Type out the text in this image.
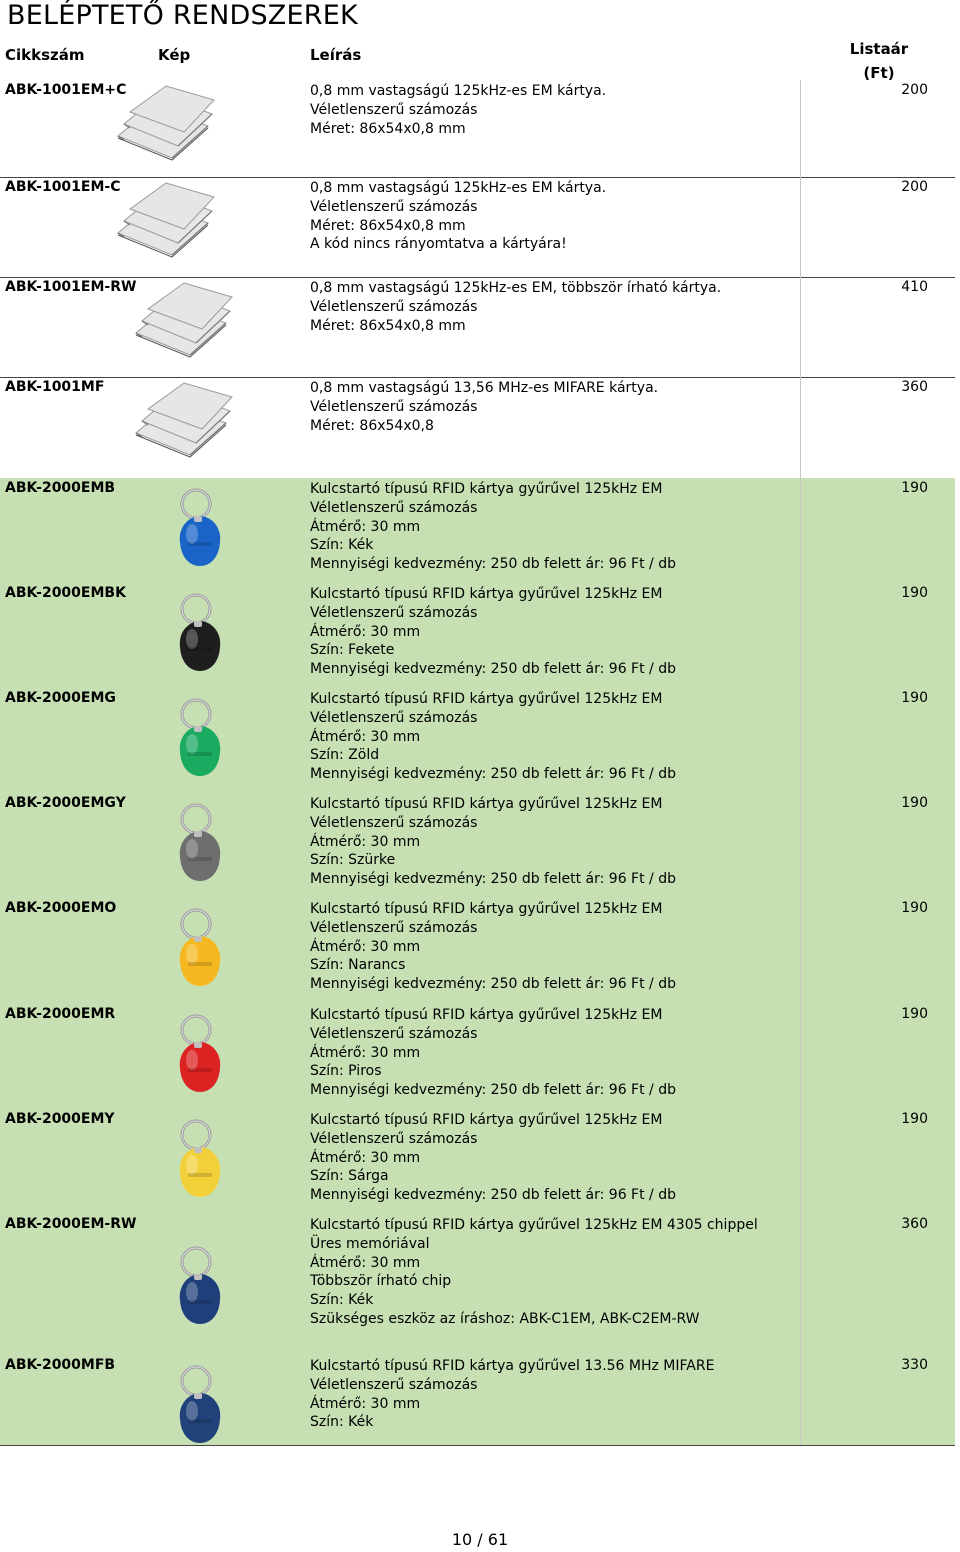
BELÉPTETŐ RENDSZEREK
Cikkszám	Kép	Leírás	Listaár
(Ft)
ABK-1001EM+C	0,8 mm vastagságú 125kHz-es EM kártya.
Véletlenszerű számozás
Méret: 86x54x0,8 mm
200
ABK-1001EM-C	0,8 mm vastagságú 125kHz-es EM kártya.
Véletlenszerű számozás
Méret: 86x54x0,8 mm
A kód nincs rányomtatva a kártyára!
200
ABK-1001EM-RW	0,8 mm vastagságú 125kHz-es EM, többször írható kártya.
Véletlenszerű számozás
Méret: 86x54x0,8 mm
410
ABK-1001MF	0,8 mm vastagságú 13,56 MHz-es MIFARE kártya.
Véletlenszerű számozás
Méret: 86x54x0,8
360
ABK-2000EMB	Kulcstartó típusú RFID kártya gyűrűvel 125kHz EM
Véletlenszerű számozás
Átmérő: 30 mm
Szín: Kék
Mennyiségi kedvezmény: 250 db felett ár: 96 Ft / db
190
ABK-2000EMBK	Kulcstartó típusú RFID kártya gyűrűvel 125kHz EM
Véletlenszerű számozás
Átmérő: 30 mm
Szín: Fekete
Mennyiségi kedvezmény: 250 db felett ár: 96 Ft / db
190
ABK-2000EMG	Kulcstartó típusú RFID kártya gyűrűvel 125kHz EM
Véletlenszerű számozás
Átmérő: 30 mm
Szín: Zöld
Mennyiségi kedvezmény: 250 db felett ár: 96 Ft / db
190
ABK-2000EMGY	Kulcstartó típusú RFID kártya gyűrűvel 125kHz EM
Véletlenszerű számozás
Átmérő: 30 mm
Szín: Szürke
Mennyiségi kedvezmény: 250 db felett ár: 96 Ft / db
190
ABK-2000EMO	Kulcstartó típusú RFID kártya gyűrűvel 125kHz EM
Véletlenszerű számozás
Átmérő: 30 mm
Szín: Narancs
Mennyiségi kedvezmény: 250 db felett ár: 96 Ft / db
190
ABK-2000EMR	Kulcstartó típusú RFID kártya gyűrűvel 125kHz EM
Véletlenszerű számozás
Átmérő: 30 mm
Szín: Piros
Mennyiségi kedvezmény: 250 db felett ár: 96 Ft / db
190
ABK-2000EMY	Kulcstartó típusú RFID kártya gyűrűvel 125kHz EM
Véletlenszerű számozás
Átmérő: 30 mm
Szín: Sárga
Mennyiségi kedvezmény: 250 db felett ár: 96 Ft / db
190
ABK-2000EM-RW	Kulcstartó típusú RFID kártya gyűrűvel 125kHz EM 4305 chippel
Üres memóriával
Átmérő: 30 mm
Többször írható chip
Szín: Kék
Szükséges eszköz az íráshoz: ABK-C1EM, ABK-C2EM-RW
360
ABK-2000MFB	Kulcstartó típusú RFID kártya gyűrűvel 13.56 MHz MIFARE
Véletlenszerű számozás
Átmérő: 30 mm
Szín: Kék
330
10 / 61
